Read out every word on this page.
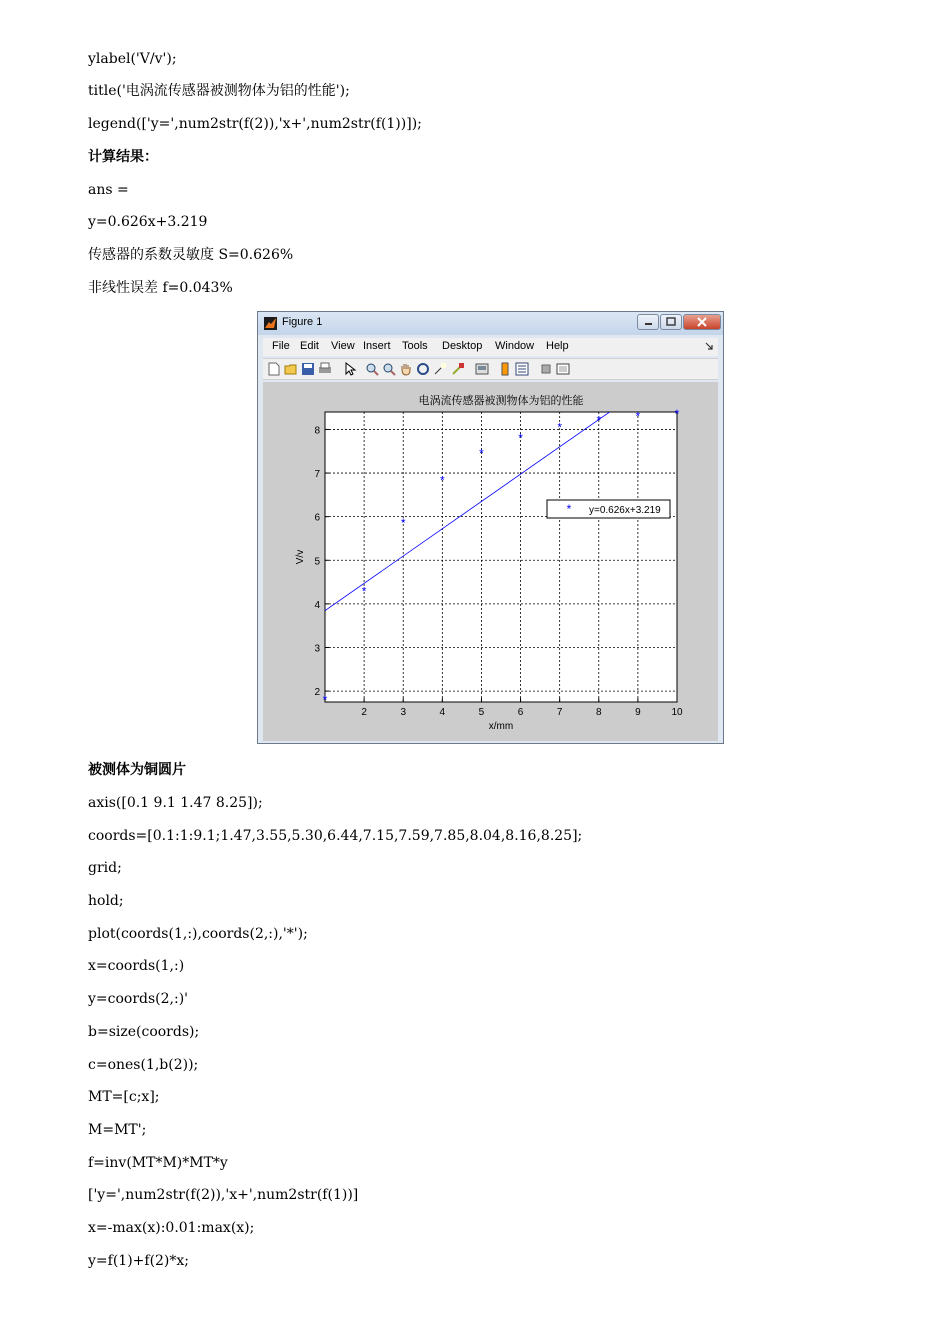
ylabel('V/v');
title('电涡流传感器被测物体为铝的性能');
legend(['y=',num2str(f(2)),'x+',num2str(f(1))]);
计算结果：
ans =
y=0.626x+3.219
传感器的系数灵敏度 S=0.626%
非线性误差 f=0.043%
被测体为铜圆片
axis([0.1 9.1 1.47 8.25]);
coords=[0.1:1:9.1;1.47,3.55,5.30,6.44,7.15,7.59,7.85,8.04,8.16,8.25];
grid;
hold;
plot(coords(1,:),coords(2,:),'*');
x=coords(1,:)
y=coords(2,:)'
b=size(coords);
c=ones(1,b(2));
MT=[c;x];
M=MT';
f=inv(MT*M)*MT*y
['y=',num2str(f(2)),'x+',num2str(f(1))]
x=-max(x):0.01:max(x);
y=f(1)+f(2)*x;
Figure 1
File Edit View Insert Tools Desktop Window Help
2	3	4	5	6	7	8	9	10
2
3
4
5
6
7
8
电涡流传感器被测物体为铝的性能
x/mm
V/v
*
*
*
*
*
*
*	*	*	*
* y=0.626x+3.219
